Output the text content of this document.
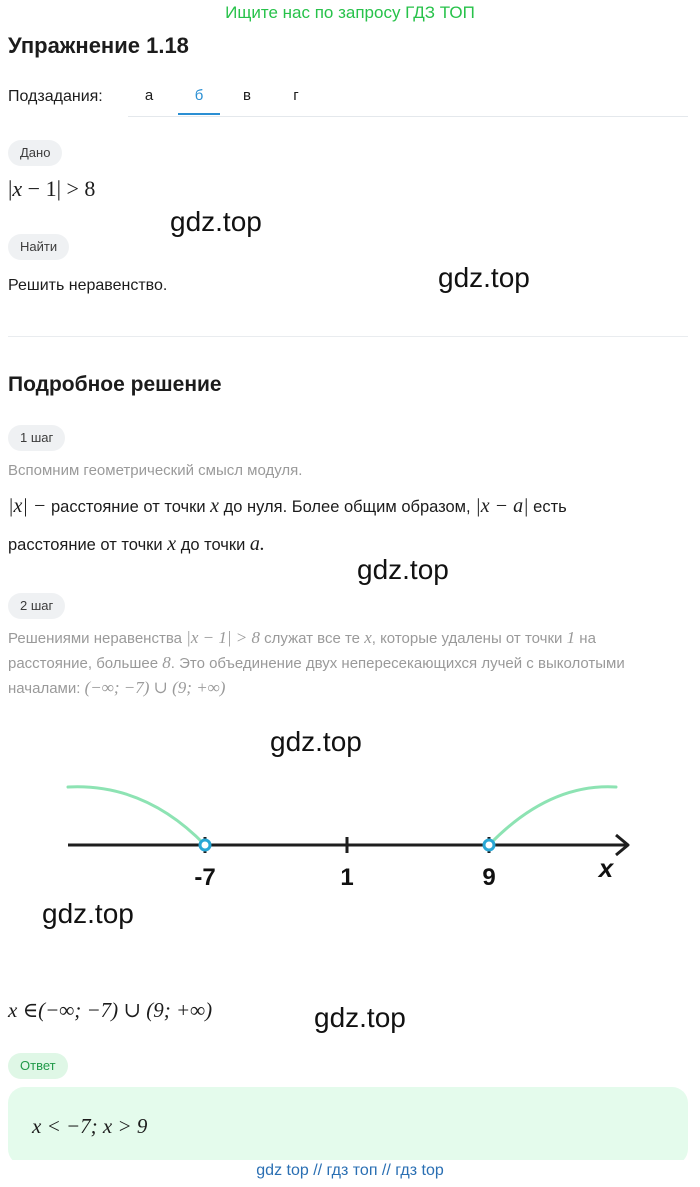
Ищите нас по запросу ГДЗ ТОП
Упражнение 1.18
Подзадания:	а	б	в	г
Дано
|x − 1| > 8
Найти
Решить неравенство.
Подробное решение
1 шаг
Вспомним геометрический смысл модуля.
|x| − расстояние от точки x до нуля. Более общим образом, |x − a| есть
расстояние от точки x до точки a.
2 шаг
Решениями неравенства |x − 1| > 8 служат все те x, которые удалены от точки 1 на
расстояние, большее 8. Это объединение двух непересекающихся лучей с выколотыми
началами: (−∞; −7) ∪ (9; +∞)
-7	1	9	x
x ∈(−∞; −7) ∪ (9; +∞)
Ответ
x < −7; x > 9
gdz.top
gdz.top
gdz.top
gdz.top
gdz.top
gdz.top
gdz top // гдз топ // гдз top
